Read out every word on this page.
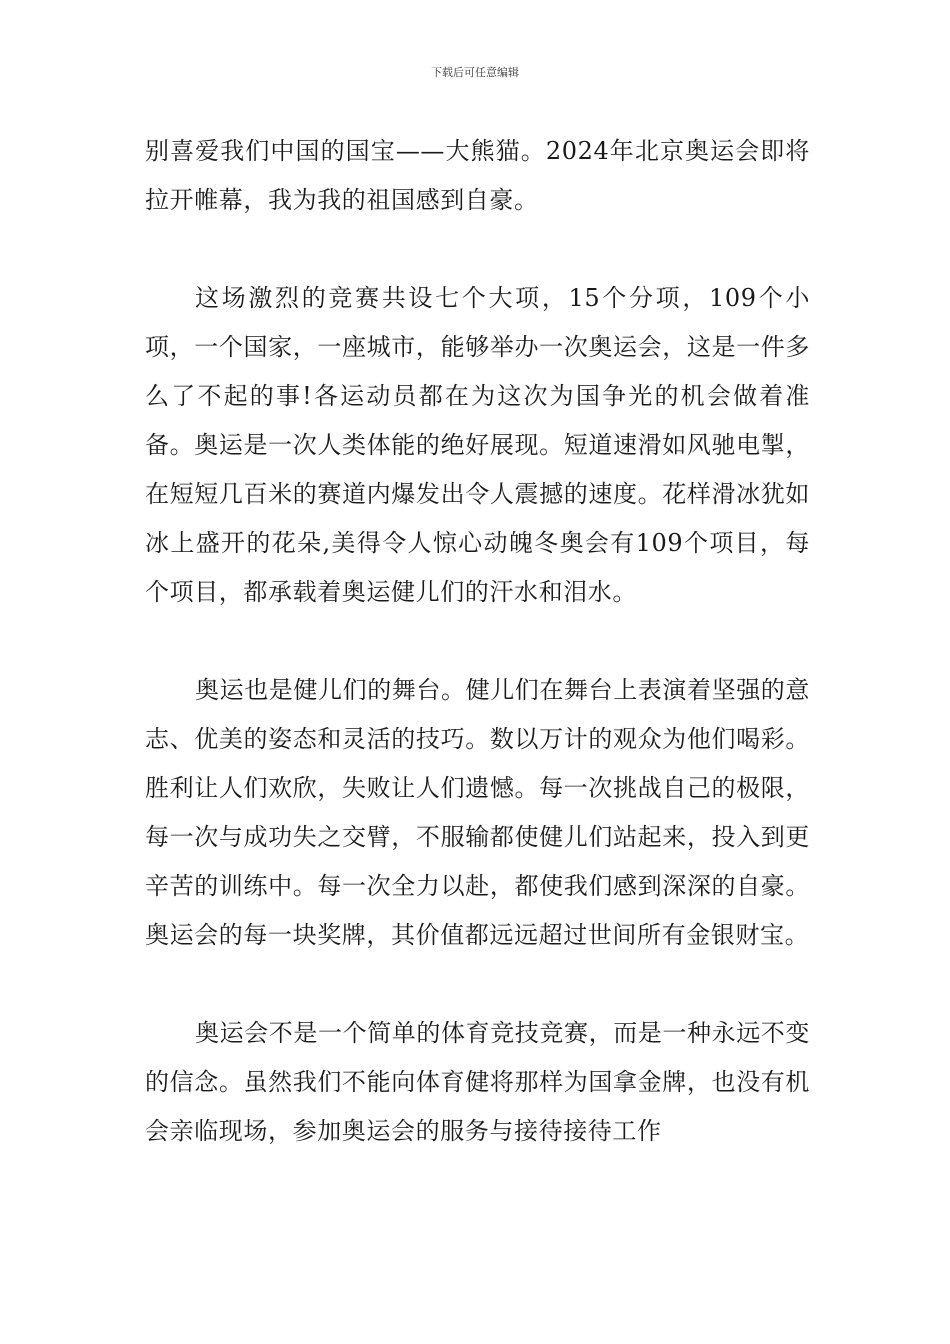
下载后可任意编辑

别喜爱我们中国的国宝——大熊猫。2024年北京奥运会即将拉开帷幕，我为我的祖国感到自豪。

这场激烈的竞赛共设七个大项，15个分项，109个小项，一个国家，一座城市，能够举办一次奥运会，这是一件多么了不起的事!各运动员都在为这次为国争光的机会做着准备。奥运是一次人类体能的绝好展现。短道速滑如风驰电掣，在短短几百米的赛道内爆发出令人震撼的速度。花样滑冰犹如冰上盛开的花朵,美得令人惊心动魄冬奥会有109个项目，每个项目，都承载着奥运健儿们的汗水和泪水。

奥运也是健儿们的舞台。健儿们在舞台上表演着坚强的意志、优美的姿态和灵活的技巧。数以万计的观众为他们喝彩。胜利让人们欢欣，失败让人们遗憾。每一次挑战自己的极限，每一次与成功失之交臂，不服输都使健儿们站起来，投入到更辛苦的训练中。每一次全力以赴，都使我们感到深深的自豪。奥运会的每一块奖牌，其价值都远远超过世间所有金银财宝。

奥运会不是一个简单的体育竞技竞赛，而是一种永远不变的信念。虽然我们不能向体育健将那样为国拿金牌，也没有机会亲临现场，参加奥运会的服务与接待接待工作
